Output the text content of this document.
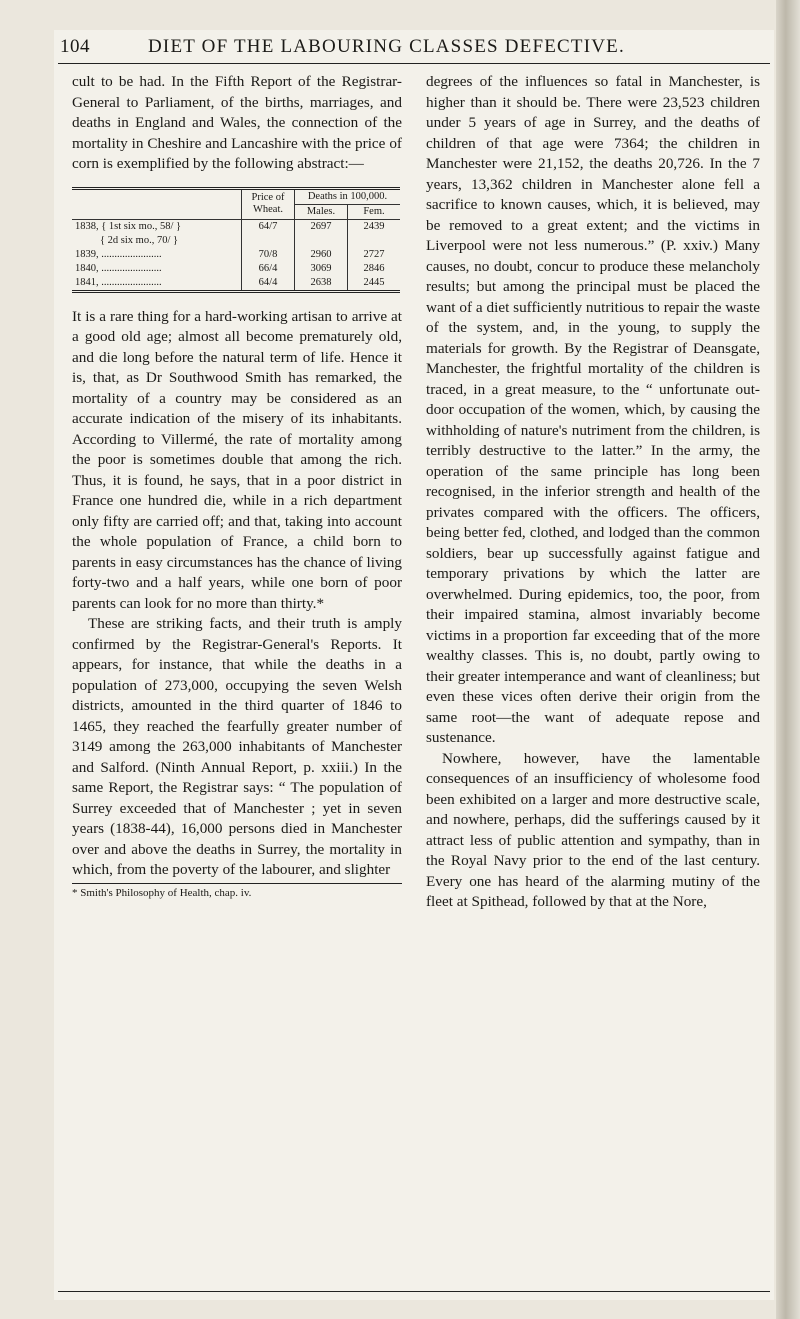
104	DIET OF THE LABOURING CLASSES DEFECTIVE.

cult to be had. In the Fifth Report of the Registrar-General to Parliament, of the births, marriages, and deaths in England and Wales, the connection of the mortality in Cheshire and Lancashire with the price of corn is exemplified by the following abstract:—

	Price of Wheat.	Deaths in 100,000.	
		Males.	Fem.
1838, { 1st six mo., 58/ }	64/7	2697	2439
{ 2d six mo., 70/ }			
1839, .......................	70/8	2960	2727
1840, .......................	66/4	3069	2846
1841, .......................	64/4	2638	2445

It is a rare thing for a hard-working artisan to arrive at a good old age; almost all become prematurely old, and die long before the natural term of life. Hence it is, that, as Dr Southwood Smith has remarked, the mortality of a country may be considered as an accurate indication of the misery of its inhabitants. According to Villermé, the rate of mortality among the poor is sometimes double that among the rich. Thus, it is found, he says, that in a poor district in France one hundred die, while in a rich department only fifty are carried off; and that, taking into account the whole population of France, a child born to parents in easy circumstances has the chance of living forty-two and a half years, while one born of poor parents can look for no more than thirty.*

These are striking facts, and their truth is amply confirmed by the Registrar-General's Reports. It appears, for instance, that while the deaths in a population of 273,000, occupying the seven Welsh districts, amounted in the third quarter of 1846 to 1465, they reached the fearfully greater number of 3149 among the 263,000 inhabitants of Manchester and Salford. (Ninth Annual Report, p. xxiii.) In the same Report, the Registrar says: “ The population of Surrey exceeded that of Manchester ; yet in seven years (1838-44), 16,000 persons died in Manchester over and above the deaths in Surrey, the mortality in which, from the poverty of the labourer, and slighter

* Smith's Philosophy of Health, chap. iv.

degrees of the influences so fatal in Manchester, is higher than it should be. There were 23,523 children under 5 years of age in Surrey, and the deaths of children of that age were 7364; the children in Manchester were 21,152, the deaths 20,726. In the 7 years, 13,362 children in Manchester alone fell a sacrifice to known causes, which, it is believed, may be removed to a great extent; and the victims in Liverpool were not less numerous.” (P. xxiv.) Many causes, no doubt, concur to produce these melancholy results; but among the principal must be placed the want of a diet sufficiently nutritious to repair the waste of the system, and, in the young, to supply the materials for growth. By the Registrar of Deansgate, Manchester, the frightful mortality of the children is traced, in a great measure, to the “ unfortunate out-door occupation of the women, which, by causing the withholding of nature's nutriment from the children, is terribly destructive to the latter.” In the army, the operation of the same principle has long been recognised, in the inferior strength and health of the privates compared with the officers. The officers, being better fed, clothed, and lodged than the common soldiers, bear up successfully against fatigue and temporary privations by which the latter are overwhelmed. During epidemics, too, the poor, from their impaired stamina, almost invariably become victims in a proportion far exceeding that of the more wealthy classes. This is, no doubt, partly owing to their greater intemperance and want of cleanliness; but even these vices often derive their origin from the same root—the want of adequate repose and sustenance.

Nowhere, however, have the lamentable consequences of an insufficiency of wholesome food been exhibited on a larger and more destructive scale, and nowhere, perhaps, did the sufferings caused by it attract less of public attention and sympathy, than in the Royal Navy prior to the end of the last century. Every one has heard of the alarming mutiny of the fleet at Spithead, followed by that at the Nore,
